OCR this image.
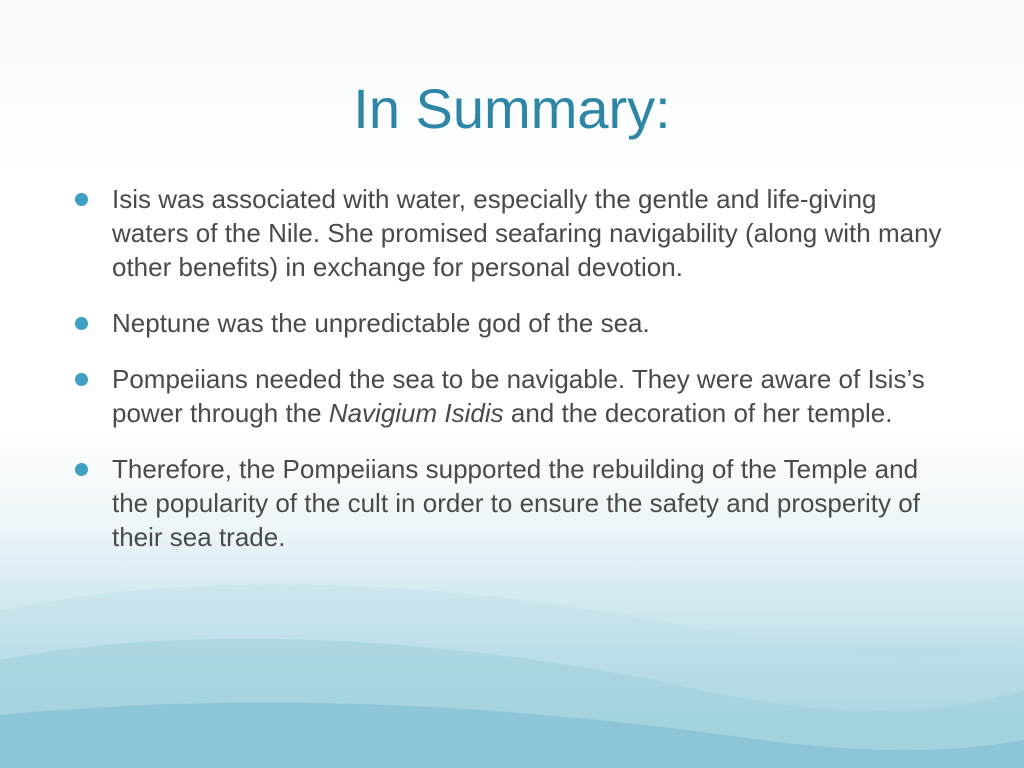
In Summary:
Isis was associated with water, especially the gentle and life-giving waters of the Nile. She promised seafaring navigability (along with many other benefits) in exchange for personal devotion.
Neptune was the unpredictable god of the sea.
Pompeiians needed the sea to be navigable. They were aware of Isis’s power through the Navigium Isidis and the decoration of her temple.
Therefore, the Pompeiians supported the rebuilding of the Temple and the popularity of the cult in order to ensure the safety and prosperity of their sea trade.
